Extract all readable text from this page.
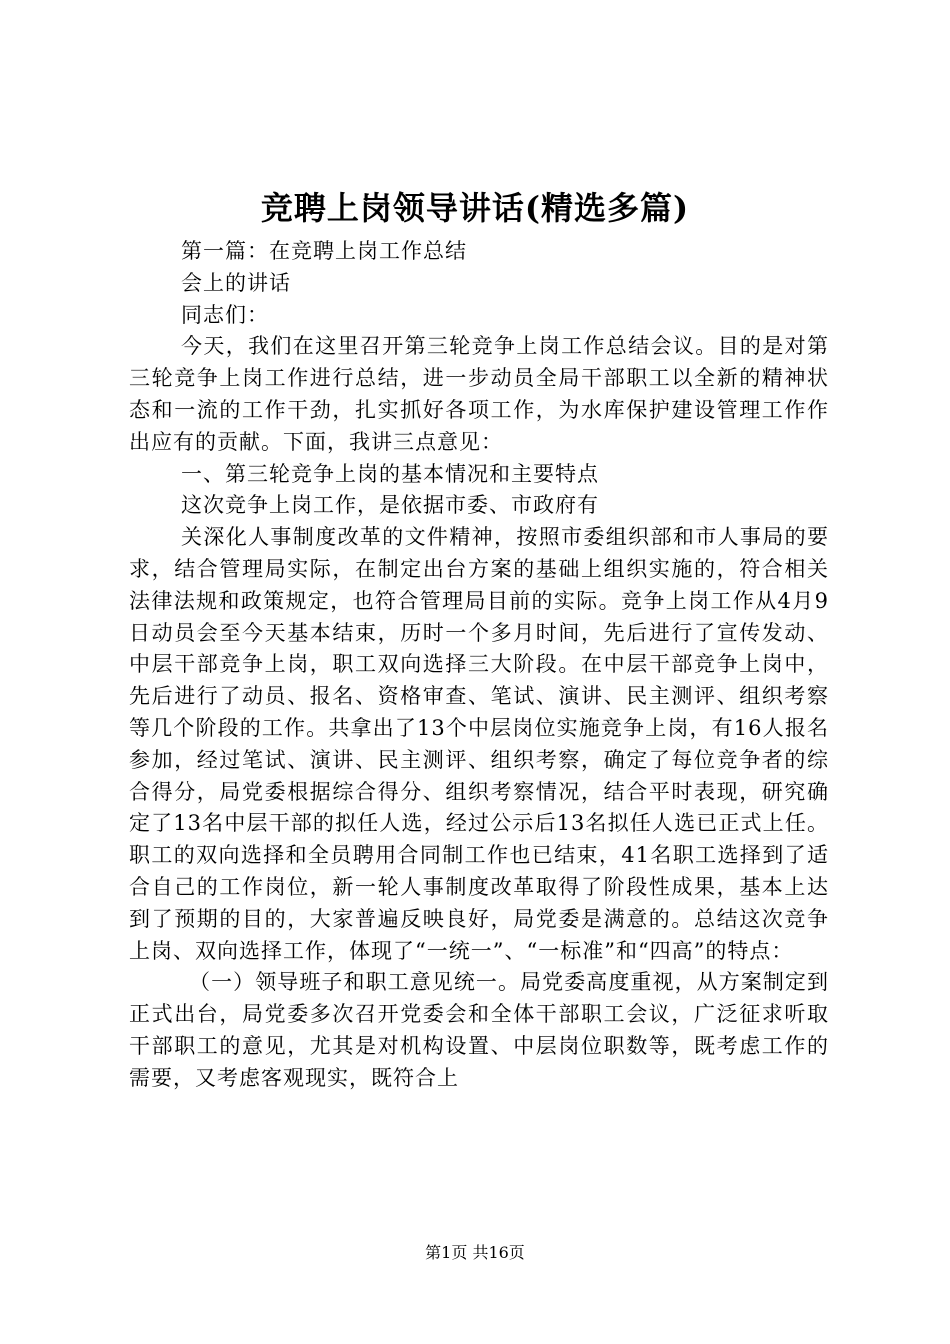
竞聘上岗领导讲话(精选多篇)

第一篇：在竞聘上岗工作总结

会上的讲话

同志们：

今天，我们在这里召开第三轮竞争上岗工作总结会议。目的是对第三轮竞争上岗工作进行总结，进一步动员全局干部职工以全新的精神状态和一流的工作干劲，扎实抓好各项工作，为水库保护建设管理工作作出应有的贡献。下面，我讲三点意见：

一、第三轮竞争上岗的基本情况和主要特点

这次竞争上岗工作，是依据市委、市政府有

关深化人事制度改革的文件精神，按照市委组织部和市人事局的要求，结合管理局实际，在制定出台方案的基础上组织实施的，符合相关法律法规和政策规定，也符合管理局目前的实际。竞争上岗工作从4月9日动员会至今天基本结束，历时一个多月时间，先后进行了宣传发动、中层干部竞争上岗，职工双向选择三大阶段。在中层干部竞争上岗中，先后进行了动员、报名、资格审查、笔试、演讲、民主测评、组织考察等几个阶段的工作。共拿出了13个中层岗位实施竞争上岗，有16人报名参加，经过笔试、演讲、民主测评、组织考察，确定了每位竞争者的综合得分，局党委根据综合得分、组织考察情况，结合平时表现，研究确定了13名中层干部的拟任人选，经过公示后13名拟任人选已正式上任。职工的双向选择和全员聘用合同制工作也已结束，41名职工选择到了适合自己的工作岗位，新一轮人事制度改革取得了阶段性成果，基本上达到了预期的目的，大家普遍反映良好，局党委是满意的。总结这次竞争上岗、双向选择工作，体现了“一统一”、“一标准”和“四高”的特点：

（一）领导班子和职工意见统一。局党委高度重视，从方案制定到正式出台，局党委多次召开党委会和全体干部职工会议，广泛征求听取干部职工的意见，尤其是对机构设置、中层岗位职数等，既考虑工作的需要，又考虑客观现实，既符合上

第1页 共16页
